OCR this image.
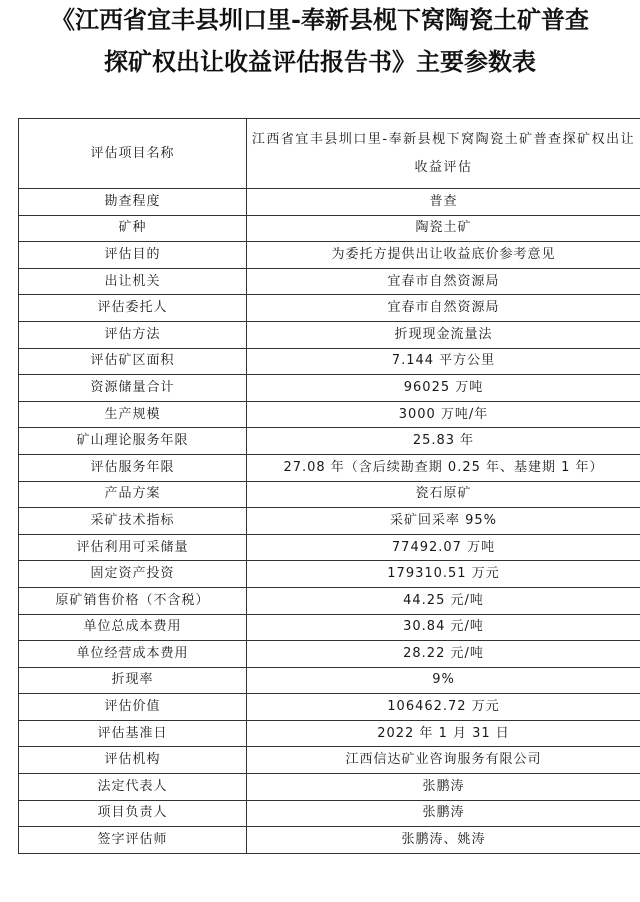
《江西省宜丰县圳口里-奉新县枧下窝陶瓷土矿普查
探矿权出让收益评估报告书》主要参数表
评估项目名称	江西省宜丰县圳口里-奉新县枧下窝陶瓷土矿普查探矿权出让收益评估
勘查程度	普查
矿种	陶瓷土矿
评估目的	为委托方提供出让收益底价参考意见
出让机关	宜春市自然资源局
评估委托人	宜春市自然资源局
评估方法	折现现金流量法
评估矿区面积	7.144 平方公里
资源储量合计	96025 万吨
生产规模	3000 万吨/年
矿山理论服务年限	25.83 年
评估服务年限	27.08 年（含后续勘查期 0.25 年、基建期 1 年）
产品方案	瓷石原矿
采矿技术指标	采矿回采率 95%
评估利用可采储量	77492.07 万吨
固定资产投资	179310.51 万元
原矿销售价格（不含税）	44.25 元/吨
单位总成本费用	30.84 元/吨
单位经营成本费用	28.22 元/吨
折现率	9%
评估价值	106462.72 万元
评估基准日	2022 年 1 月 31 日
评估机构	江西信达矿业咨询服务有限公司
法定代表人	张鹏涛
项目负责人	张鹏涛
签字评估师	张鹏涛、姚涛
